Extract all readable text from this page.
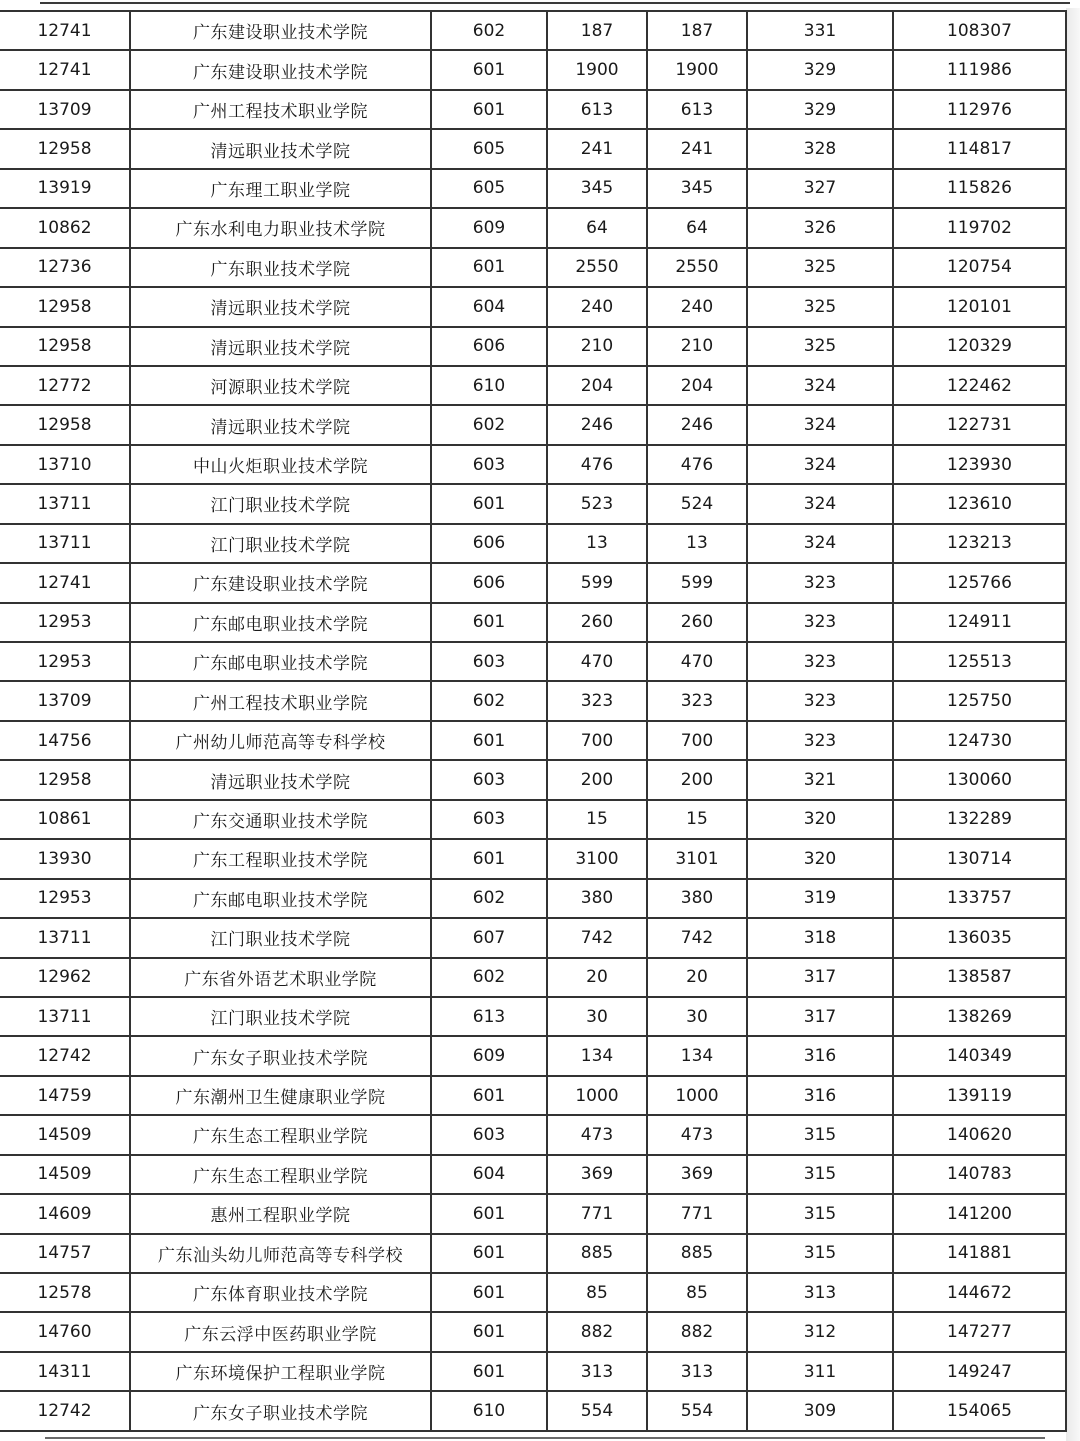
12741	广东建设职业技术学院	602	187	187	331	108307
12741	广东建设职业技术学院	601	1900	1900	329	111986
13709	广州工程技术职业学院	601	613	613	329	112976
12958	清远职业技术学院	605	241	241	328	114817
13919	广东理工职业学院	605	345	345	327	115826
10862	广东水利电力职业技术学院	609	64	64	326	119702
12736	广东职业技术学院	601	2550	2550	325	120754
12958	清远职业技术学院	604	240	240	325	120101
12958	清远职业技术学院	606	210	210	325	120329
12772	河源职业技术学院	610	204	204	324	122462
12958	清远职业技术学院	602	246	246	324	122731
13710	中山火炬职业技术学院	603	476	476	324	123930
13711	江门职业技术学院	601	523	524	324	123610
13711	江门职业技术学院	606	13	13	324	123213
12741	广东建设职业技术学院	606	599	599	323	125766
12953	广东邮电职业技术学院	601	260	260	323	124911
12953	广东邮电职业技术学院	603	470	470	323	125513
13709	广州工程技术职业学院	602	323	323	323	125750
14756	广州幼儿师范高等专科学校	601	700	700	323	124730
12958	清远职业技术学院	603	200	200	321	130060
10861	广东交通职业技术学院	603	15	15	320	132289
13930	广东工程职业技术学院	601	3100	3101	320	130714
12953	广东邮电职业技术学院	602	380	380	319	133757
13711	江门职业技术学院	607	742	742	318	136035
12962	广东省外语艺术职业学院	602	20	20	317	138587
13711	江门职业技术学院	613	30	30	317	138269
12742	广东女子职业技术学院	609	134	134	316	140349
14759	广东潮州卫生健康职业学院	601	1000	1000	316	139119
14509	广东生态工程职业学院	603	473	473	315	140620
14509	广东生态工程职业学院	604	369	369	315	140783
14609	惠州工程职业学院	601	771	771	315	141200
14757	广东汕头幼儿师范高等专科学校	601	885	885	315	141881
12578	广东体育职业技术学院	601	85	85	313	144672
14760	广东云浮中医药职业学院	601	882	882	312	147277
14311	广东环境保护工程职业学院	601	313	313	311	149247
12742	广东女子职业技术学院	610	554	554	309	154065
